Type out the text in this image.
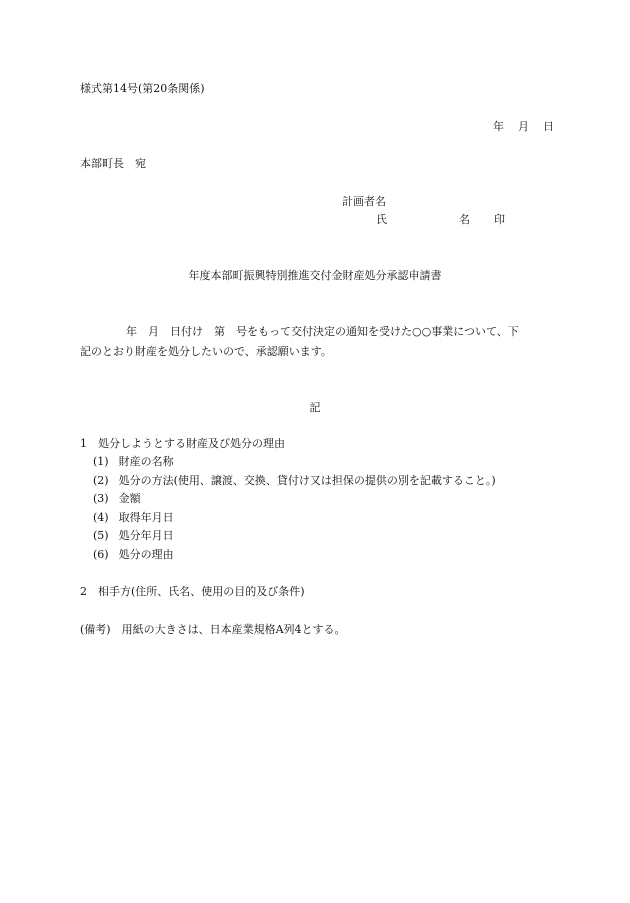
様式第14号(第20条関係)
年 月 日
本部町長　宛
計画者名
氏	名 印
年度本部町振興特別推進交付金財産処分承認申請書
年　月　日付け　第　号をもって交付決定の通知を受けた○○事業について、下
記のとおり財産を処分したいので、承認願います。
記
1　処分しようとする財産及び処分の理由
(1) 財産の名称
(2) 処分の方法(使用、譲渡、交換、貸付け又は担保の提供の別を記載すること。)
(3) 金額
(4) 取得年月日
(5) 処分年月日
(6) 処分の理由
2　相手方(住所、氏名、使用の目的及び条件)
(備考)　用紙の大きさは、日本産業規格A列4とする。
